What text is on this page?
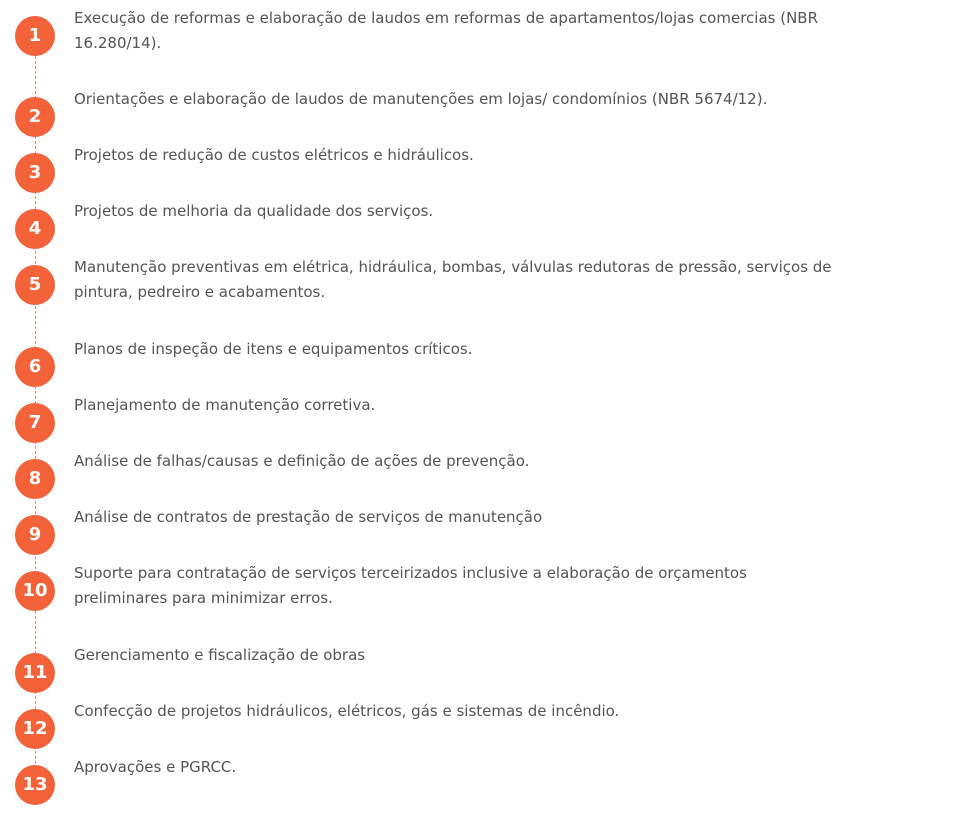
1
Execução de reformas e elaboração de laudos em reformas de apartamentos/lojas comercias (NBR 16.280/14).
2
Orientações e elaboração de laudos de manutenções em lojas/ condomínios (NBR 5674/12).
3
Projetos de redução de custos elétricos e hidráulicos.
4
Projetos de melhoria da qualidade dos serviços.
5
Manutenção preventivas em elétrica, hidráulica, bombas, válvulas redutoras de pressão, serviços de pintura, pedreiro e acabamentos.
6
Planos de inspeção de itens e equipamentos críticos.
7
Planejamento de manutenção corretiva.
8
Análise de falhas/causas e definição de ações de prevenção.
9
Análise de contratos de prestação de serviços de manutenção
10
Suporte para contratação de serviços terceirizados inclusive a elaboração de orçamentos preliminares para minimizar erros.
11
Gerenciamento e fiscalização de obras
12
Confecção de projetos hidráulicos, elétricos, gás e sistemas de incêndio.
13
Aprovações e PGRCC.
